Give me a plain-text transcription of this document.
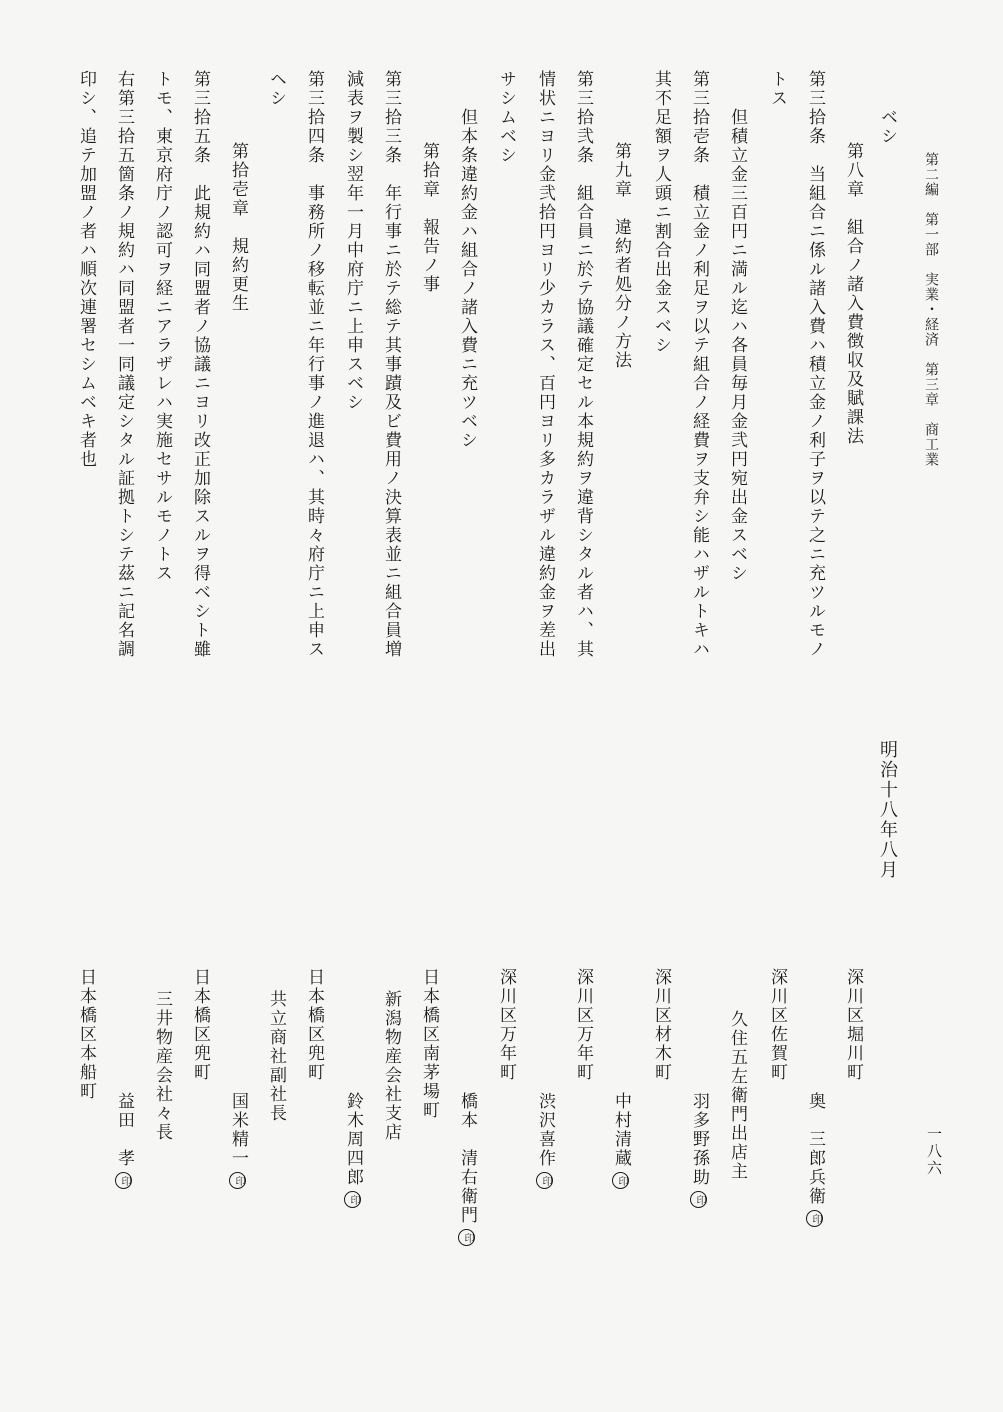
第二編　第一部　実業・経済　第三章　商工業
一八六
ベシ
第八章　組合ノ諸入費徴収及賦課法
第三拾条　当組合ニ係ル諸入費ハ積立金ノ利子ヲ以テ之ニ充ツルモノ
トス
但積立金三百円ニ満ル迄ハ各員毎月金弐円宛出金スベシ
第三拾壱条　積立金ノ利足ヲ以テ組合ノ経費ヲ支弁シ能ハザルトキハ
其不足額ヲ人頭ニ割合出金スベシ
第九章　違約者処分ノ方法
第三拾弐条　組合員ニ於テ協議確定セル本規約ヲ違背シタル者ハ、其
情状ニヨリ金弐拾円ヨリ少カラス、百円ヨリ多カラザル違約金ヲ差出
サシムベシ
但本条違約金ハ組合ノ諸入費ニ充ツベシ
第拾章　報告ノ事
第三拾三条　年行事ニ於テ総テ其事蹟及ビ費用ノ決算表並ニ組合員増
減表ヲ製シ翌年一月中府庁ニ上申スベシ
第三拾四条　事務所ノ移転並ニ年行事ノ進退ハ、其時々府庁ニ上申ス
ヘシ
第拾壱章　規約更生
第三拾五条　此規約ハ同盟者ノ協議ニヨリ改正加除スルヲ得ベシト雖
トモ、東京府庁ノ認可ヲ経ニアラザレハ実施セサルモノトス
右第三拾五箇条ノ規約ハ同盟者一同議定シタル証拠トシテ茲ニ記名調
印シ、追テ加盟ノ者ハ順次連署セシムベキ者也
明治十八年八月
深川区堀川町
奥　三郎兵衛印
深川区佐賀町
久住五左衛門出店主
羽多野孫助印
深川区材木町
中村清蔵印
深川区万年町
渋沢喜作印
深川区万年町
橋本　清右衛門印
日本橋区南茅場町
新潟物産会社支店
鈴木周四郎印
日本橋区兜町
共立商社副社長
国米精一印
日本橋区兜町
三井物産会社々長
益田　孝印
日本橋区本船町
